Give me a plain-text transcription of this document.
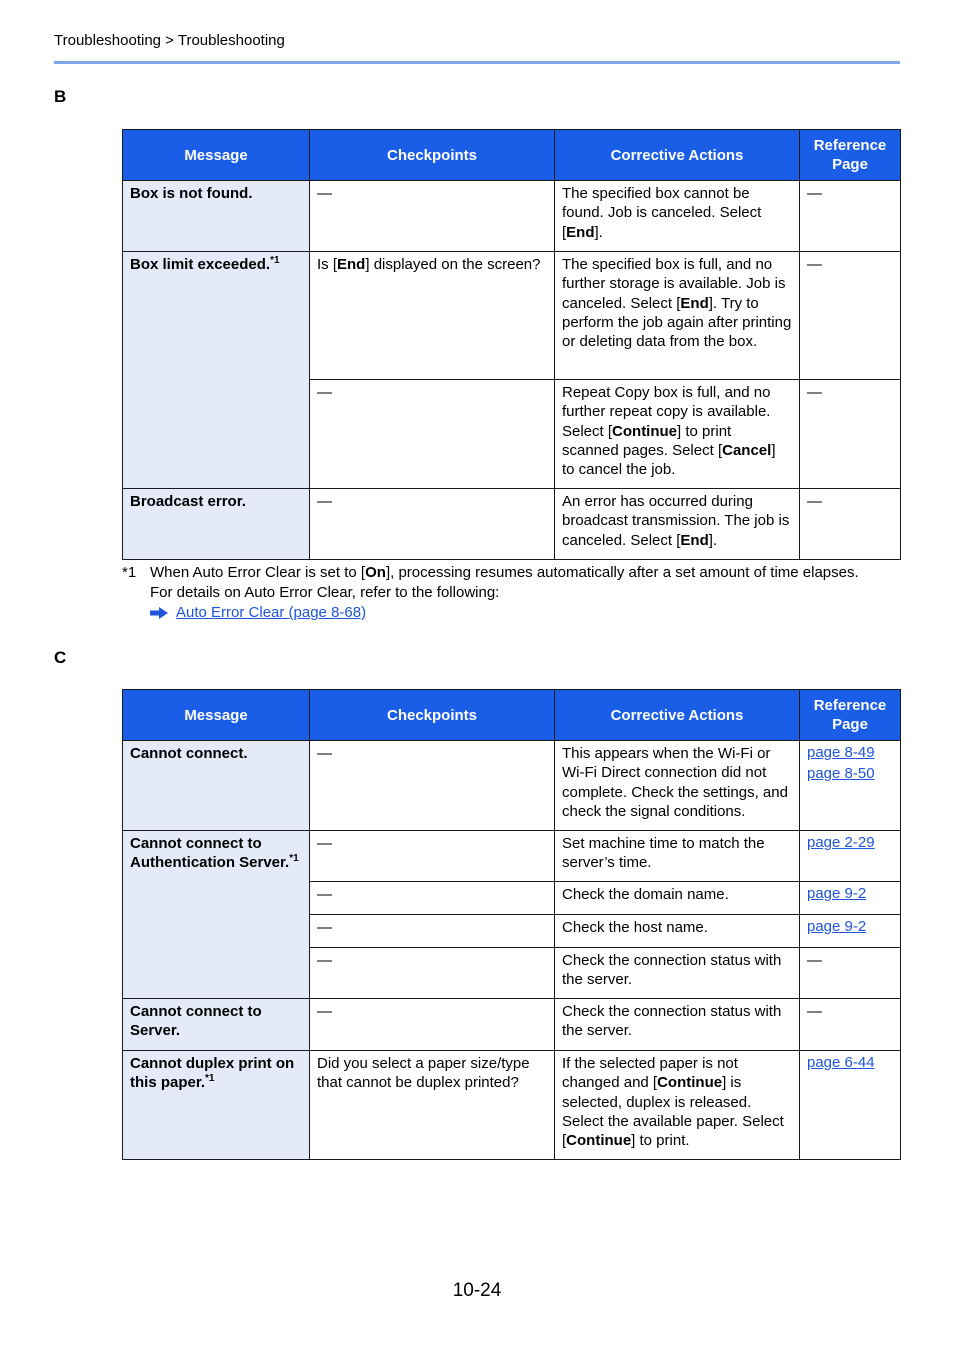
Troubleshooting > Troubleshooting
B
Message	Checkpoints	Corrective Actions	Reference Page
Box is not found.	—	The specified box cannot be found. Job is canceled. Select [End].	—
Box limit exceeded.$^{*1}$	Is [End] displayed on the screen?	The specified box is full, and no further storage is available. Job is canceled. Select [End]. Try to perform the job again after printing or deleting data from the box.	—
	—	Repeat Copy box is full, and no further repeat copy is available. Select [Continue] to print scanned pages. Select [Cancel] to cancel the job.	—
Broadcast error.	—	An error has occurred during broadcast transmission. The job is canceled. Select [End].	—
*1 When Auto Error Clear is set to [On], processing resumes automatically after a set amount of time elapses. For details on Auto Error Clear, refer to the following:
Auto Error Clear (page 8-68)
C
Message	Checkpoints	Corrective Actions	Reference Page
Cannot connect.	—	This appears when the Wi-Fi or Wi-Fi Direct connection did not complete. Check the settings, and check the signal conditions.	page 8-49
page 8-50

Cannot connect to Authentication Server.$^{*1}$	—	Set machine time to match the server’s time.	page 2-29

	—	Check the domain name.	page 9-2

	—	Check the host name.	page 9-2

	—	Check the connection status with the server.	—
Cannot connect to Server.	—	Check the connection status with the server.	—
Cannot duplex print on this paper.$^{*1}$	Did you select a paper size/type that cannot be duplex printed?	If the selected paper is not changed and [Continue] is selected, duplex is released. Select the available paper. Select [Continue] to print.	page 6-44
10-24
